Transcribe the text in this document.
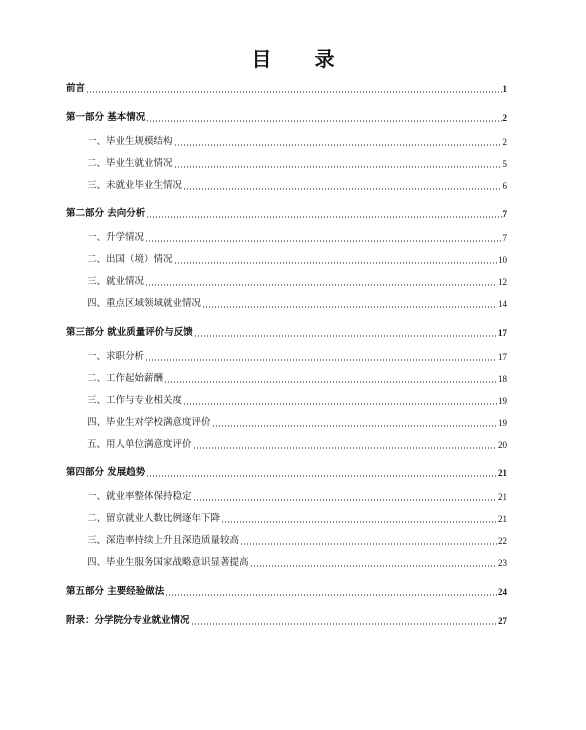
目 录
前言	1
第一部分 基本情况	2
一、毕业生规模结构	2
二、毕业生就业情况	5
三、未就业毕业生情况	6
第二部分 去向分析	7
一、升学情况	7
二、出国（境）情况	10
三、就业情况	12
四、重点区域领域就业情况	14
第三部分 就业质量评价与反馈	17
一、求职分析	17
二、工作起始薪酬	18
三、工作与专业相关度	19
四、毕业生对学校满意度评价	19
五、用人单位满意度评价	20
第四部分 发展趋势	21
一、就业率整体保持稳定	21
二、留京就业人数比例逐年下降	21
三、深造率持续上升且深造质量较高	22
四、毕业生服务国家战略意识显著提高	23
第五部分 主要经验做法	24
附录：分学院分专业就业情况	27
